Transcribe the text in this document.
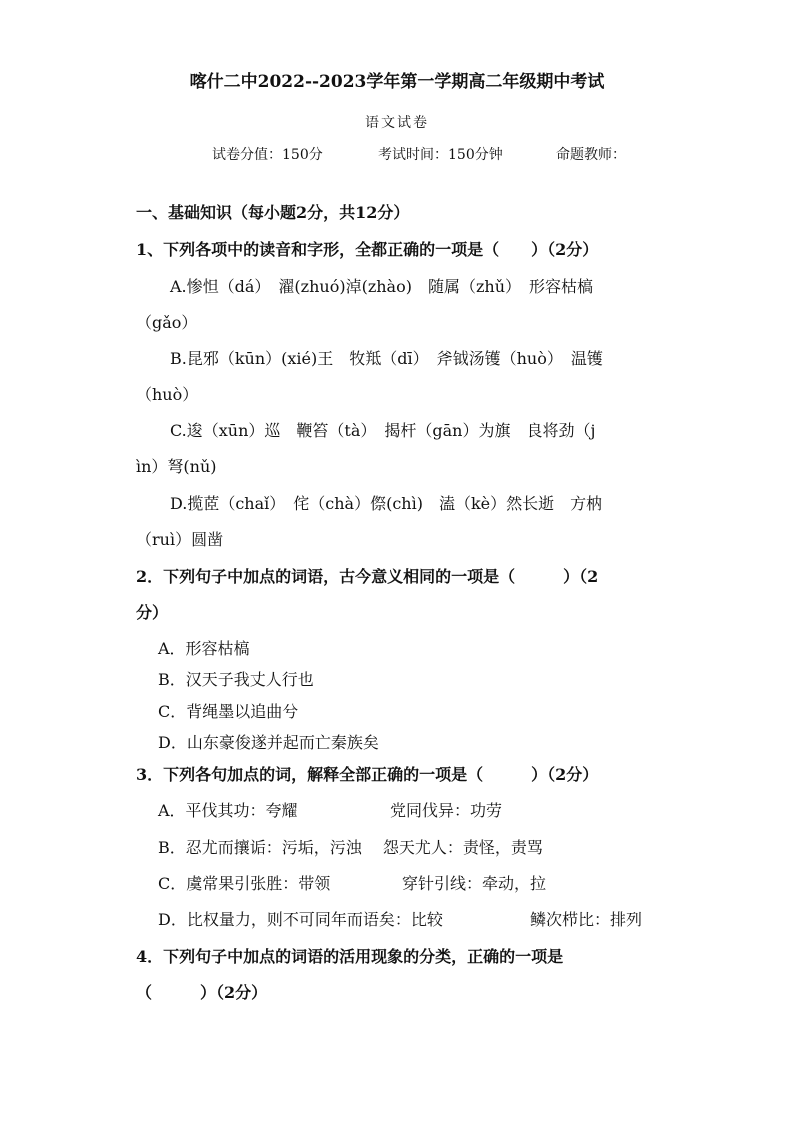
喀什二中2022--2023学年第一学期高二年级期中考试
语文试卷
试卷分值：150分	考试时间：150分钟	命题教师：
一、基础知识（每小题2分，共12分）
1、下列各项中的读音和字形，全都正确的一项是（　　）（2分）
A.惨怛（dá）　濯(zhuó)淖(zhào)　随属（zhǔ）　形容枯槁
（gǎo）
B.昆邪（kūn）(xié)王　牧羝（dī）　斧钺汤镬（huò）　温镬
（huò）
C.逡（xūn）巡　鞭笞（tà）　揭杆（gān）为旗　良将劲（j
ìn）弩(nǔ)
D.揽茝（chaǐ）　侘（chà）傺(chì)　溘（kè）然长逝　方枘
（ruì）圆凿
2．下列句子中加点的词语，古今意义相同的一项是（　　　）（2
分）
A．形容枯槁
B．汉天子我丈人行也
C．背绳墨以追曲兮
D．山东豪俊遂并起而亡秦族矣
3．下列各句加点的词，解释全部正确的一项是（　　　）（2分）
A．平伐其功：夸耀	党同伐异：功劳
B．忍尤而攘诟：污垢，污浊　 怨天尤人：责怪，责骂
C．虞常果引张胜：带领	穿针引线：牵动，拉
D．比权量力，则不可同年而语矣：比较	鳞次栉比：排列
4．下列句子中加点的词语的活用现象的分类，正确的一项是
（　　　）（2分）
